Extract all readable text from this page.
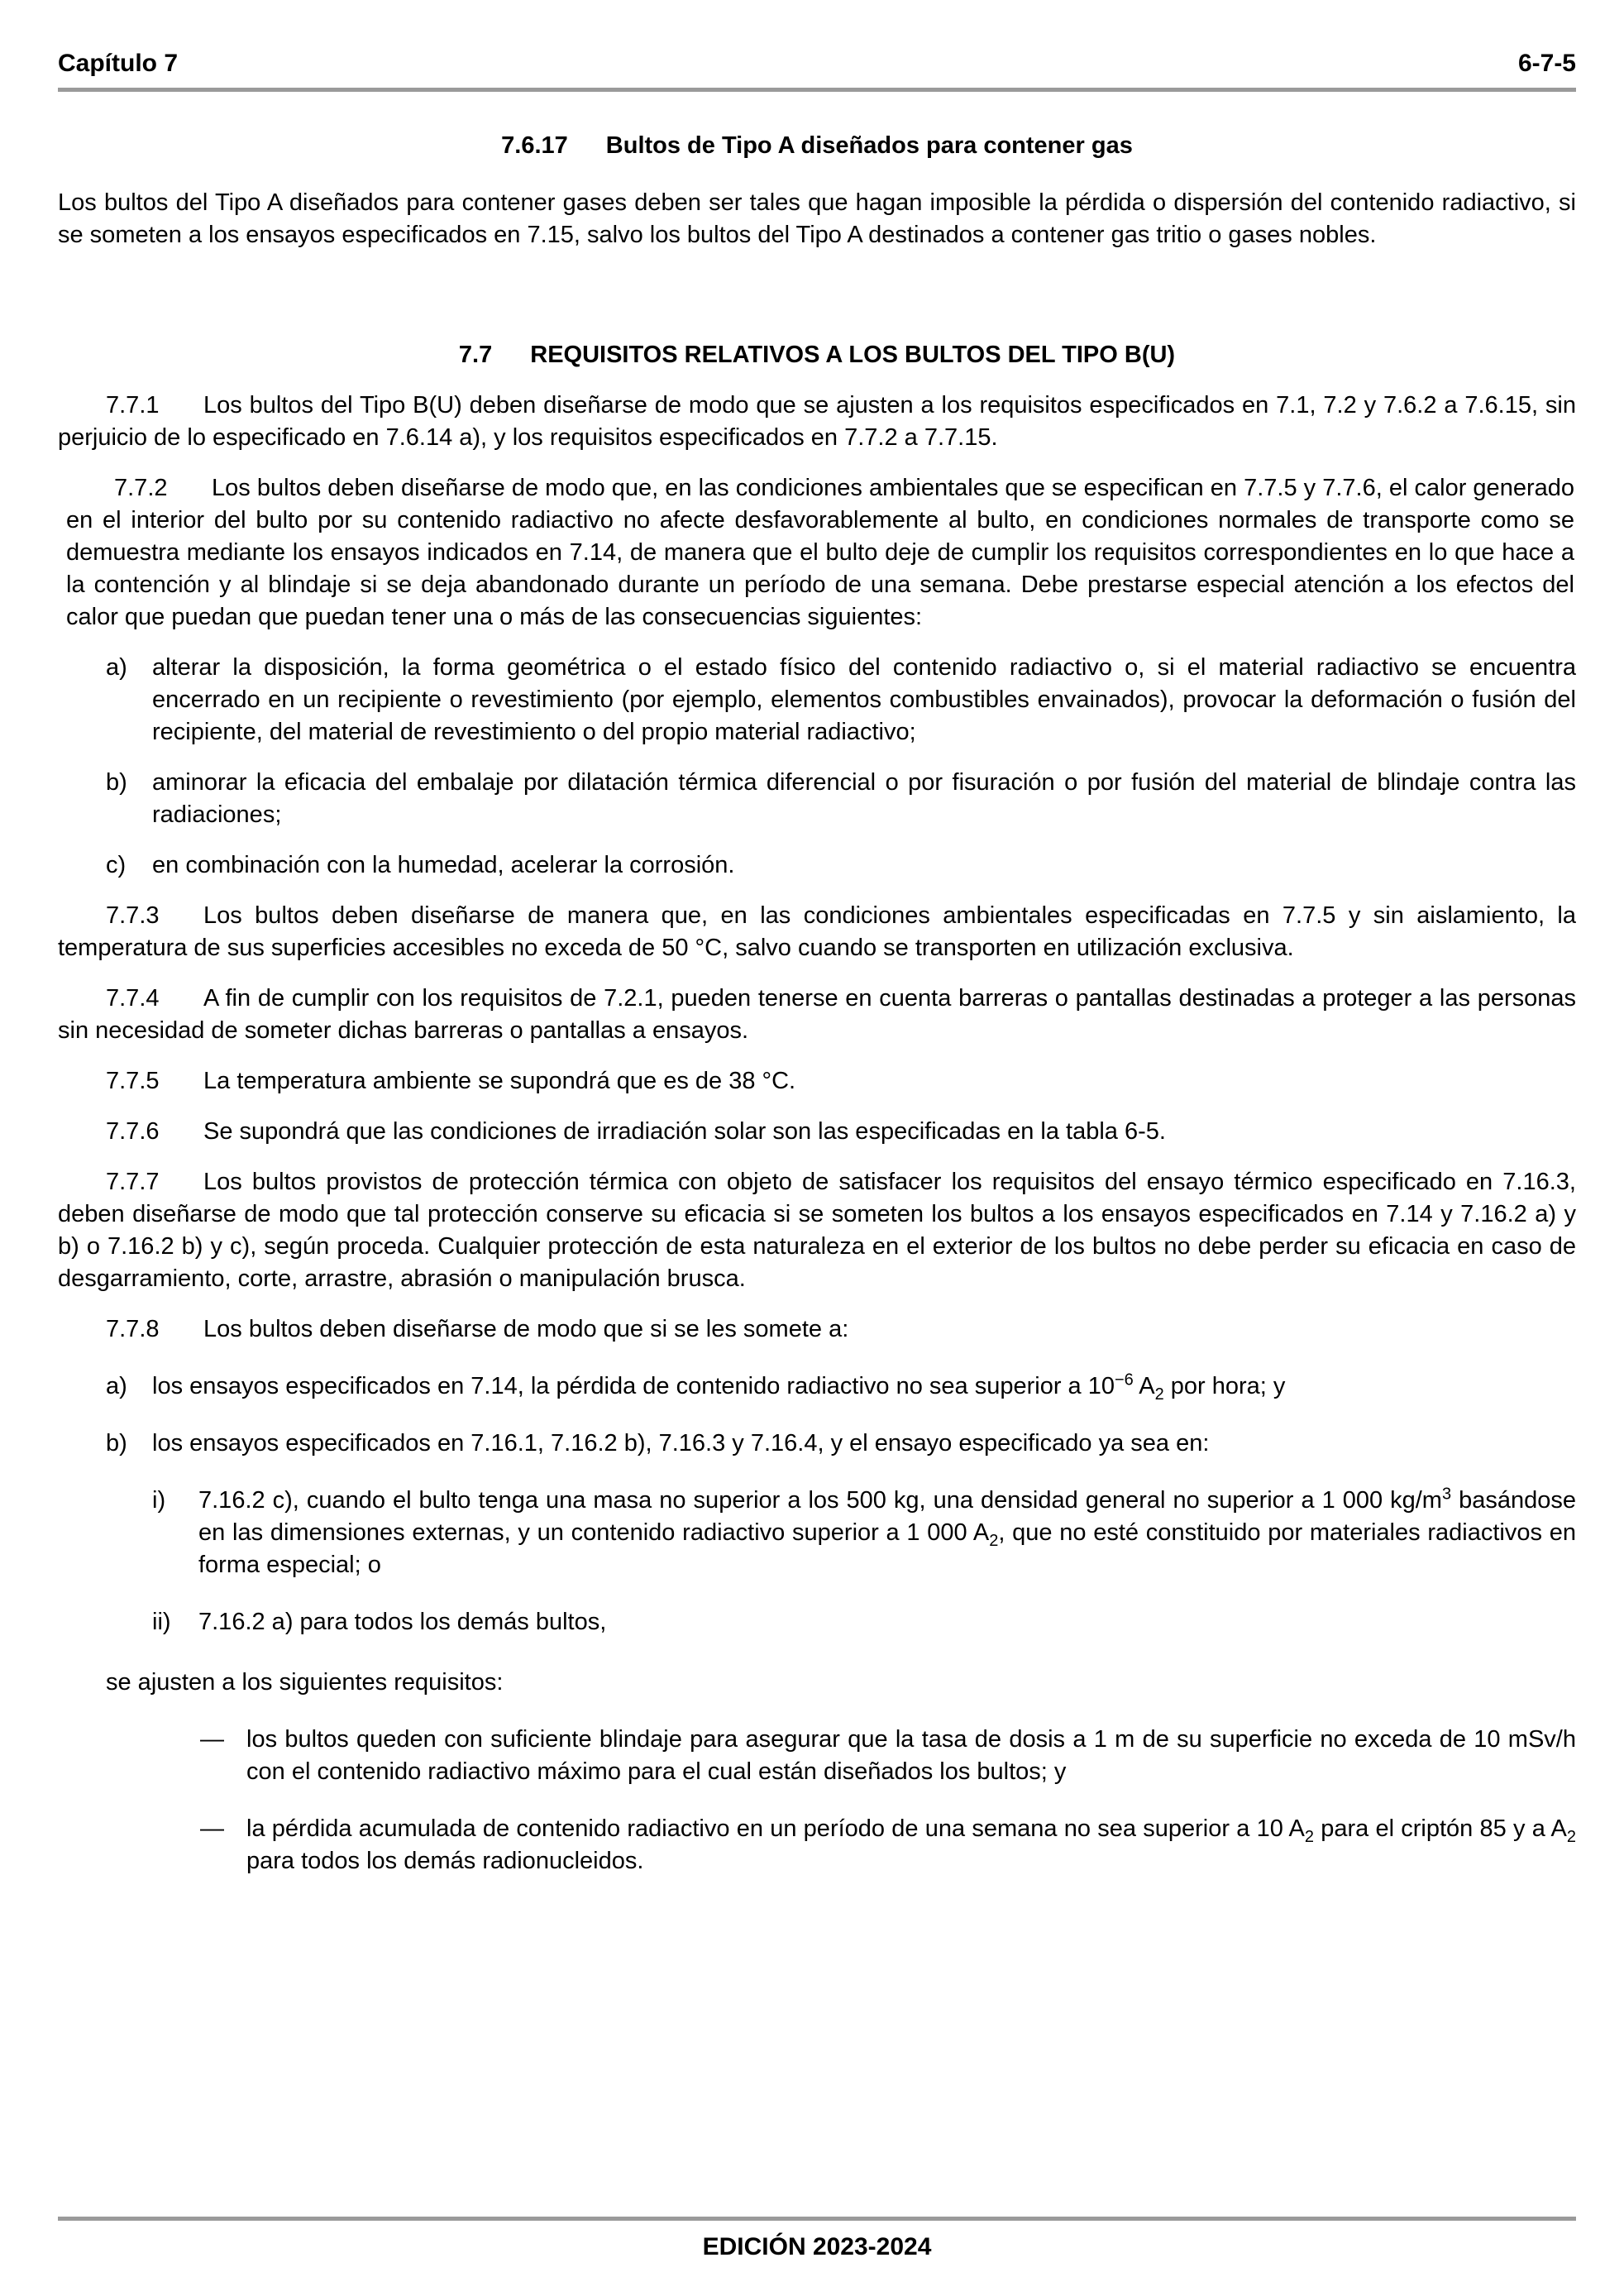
Capítulo 7	6-7-5

7.6.17 Bultos de Tipo A diseñados para contener gas

Los bultos del Tipo A diseñados para contener gases deben ser tales que hagan imposible la pérdida o dispersión del contenido radiactivo, si se someten a los ensayos especificados en 7.15, salvo los bultos del Tipo A destinados a contener gas tritio o gases nobles.

7.7 REQUISITOS RELATIVOS A LOS BULTOS DEL TIPO B(U)

7.7.1 Los bultos del Tipo B(U) deben diseñarse de modo que se ajusten a los requisitos especificados en 7.1, 7.2 y 7.6.2 a 7.6.15, sin perjuicio de lo especificado en 7.6.14 a), y los requisitos especificados en 7.7.2 a 7.7.15.

7.7.2 Los bultos deben diseñarse de modo que, en las condiciones ambientales que se especifican en 7.7.5 y 7.7.6, el calor generado en el interior del bulto por su contenido radiactivo no afecte desfavorablemente al bulto, en condiciones normales de transporte como se demuestra mediante los ensayos indicados en 7.14, de manera que el bulto deje de cumplir los requisitos correspondientes en lo que hace a la contención y al blindaje si se deja abandonado durante un período de una semana. Debe prestarse especial atención a los efectos del calor que puedan que puedan tener una o más de las consecuencias siguientes:

a)	alterar la disposición, la forma geométrica o el estado físico del contenido radiactivo o, si el material radiactivo se encuentra encerrado en un recipiente o revestimiento (por ejemplo, elementos combustibles envainados), provocar la deformación o fusión del recipiente, del material de revestimiento o del propio material radiactivo;
b)	aminorar la eficacia del embalaje por dilatación térmica diferencial o por fisuración o por fusión del material de blindaje contra las radiaciones;
c)	en combinación con la humedad, acelerar la corrosión.

7.7.3 Los bultos deben diseñarse de manera que, en las condiciones ambientales especificadas en 7.7.5 y sin aislamiento, la temperatura de sus superficies accesibles no exceda de 50 °C, salvo cuando se transporten en utilización exclusiva.

7.7.4 A fin de cumplir con los requisitos de 7.2.1, pueden tenerse en cuenta barreras o pantallas destinadas a proteger a las personas sin necesidad de someter dichas barreras o pantallas a ensayos.

7.7.5 La temperatura ambiente se supondrá que es de 38 °C.

7.7.6 Se supondrá que las condiciones de irradiación solar son las especificadas en la tabla 6-5.

7.7.7 Los bultos provistos de protección térmica con objeto de satisfacer los requisitos del ensayo térmico especificado en 7.16.3, deben diseñarse de modo que tal protección conserve su eficacia si se someten los bultos a los ensayos especificados en 7.14 y 7.16.2 a) y b) o 7.16.2 b) y c), según proceda. Cualquier protección de esta naturaleza en el exterior de los bultos no debe perder su eficacia en caso de desgarramiento, corte, arrastre, abrasión o manipulación brusca.

7.7.8 Los bultos deben diseñarse de modo que si se les somete a:

a)	los ensayos especificados en 7.14, la pérdida de contenido radiactivo no sea superior a $10^{-6}$ $A_2$ por hora; y
b)	los ensayos especificados en 7.16.1, 7.16.2 b), 7.16.3 y 7.16.4, y el ensayo especificado ya sea en:
i)	7.16.2 c), cuando el bulto tenga una masa no superior a los 500 kg, una densidad general no superior a 1 000 $kg/m^3$ basándose en las dimensiones externas, y un contenido radiactivo superior a 1 000 $A_2$, que no esté constituido por materiales radiactivos en forma especial; o
ii)	7.16.2 a) para todos los demás bultos,

se ajusten a los siguientes requisitos:

— los bultos queden con suficiente blindaje para asegurar que la tasa de dosis a 1 m de su superficie no exceda de 10 mSv/h con el contenido radiactivo máximo para el cual están diseñados los bultos; y
— la pérdida acumulada de contenido radiactivo en un período de una semana no sea superior a 10 $A_2$ para el criptón 85 y a $A_2$ para todos los demás radionucleidos.
EDICIÓN 2023-2024
